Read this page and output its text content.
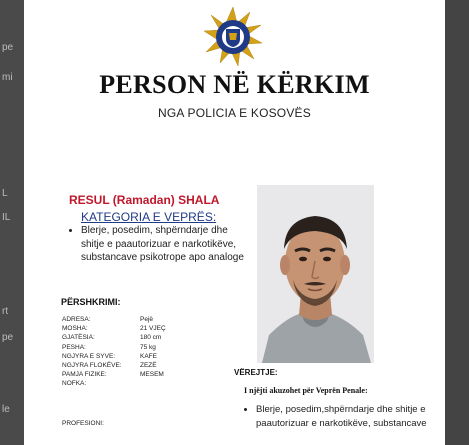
pe
mi
L
IL
rt
pe
le
PERSON NË KËRKIM
NGA POLICIA E KOSOVËS
RESUL (Ramadan) SHALA
KATEGORIA E VEPRËS:
• Blerje, posedim, shpërndarje dhe shitje e paautorizuar e narkotikëve, substancave psikotrope apo analoge
PËRSHKRIMI:
ADRESA:	Pejë
MOSHA:	21 VJEÇ
GJATËSIA:	180 cm
PESHA:	75 kg
NGJYRA E SYVE:	KAFE
NGJYRA FLOKËVE:	ZEZË
PAMJA FIZIKE:	MESEM
NOFKA:
PROFESIONI:
VËREJTJE:
I njëjti akuzohet për Veprën Penale:
• Blerje, posedim,shpërndarje dhe shitje e paautorizuar e narkotikëve, substancave
